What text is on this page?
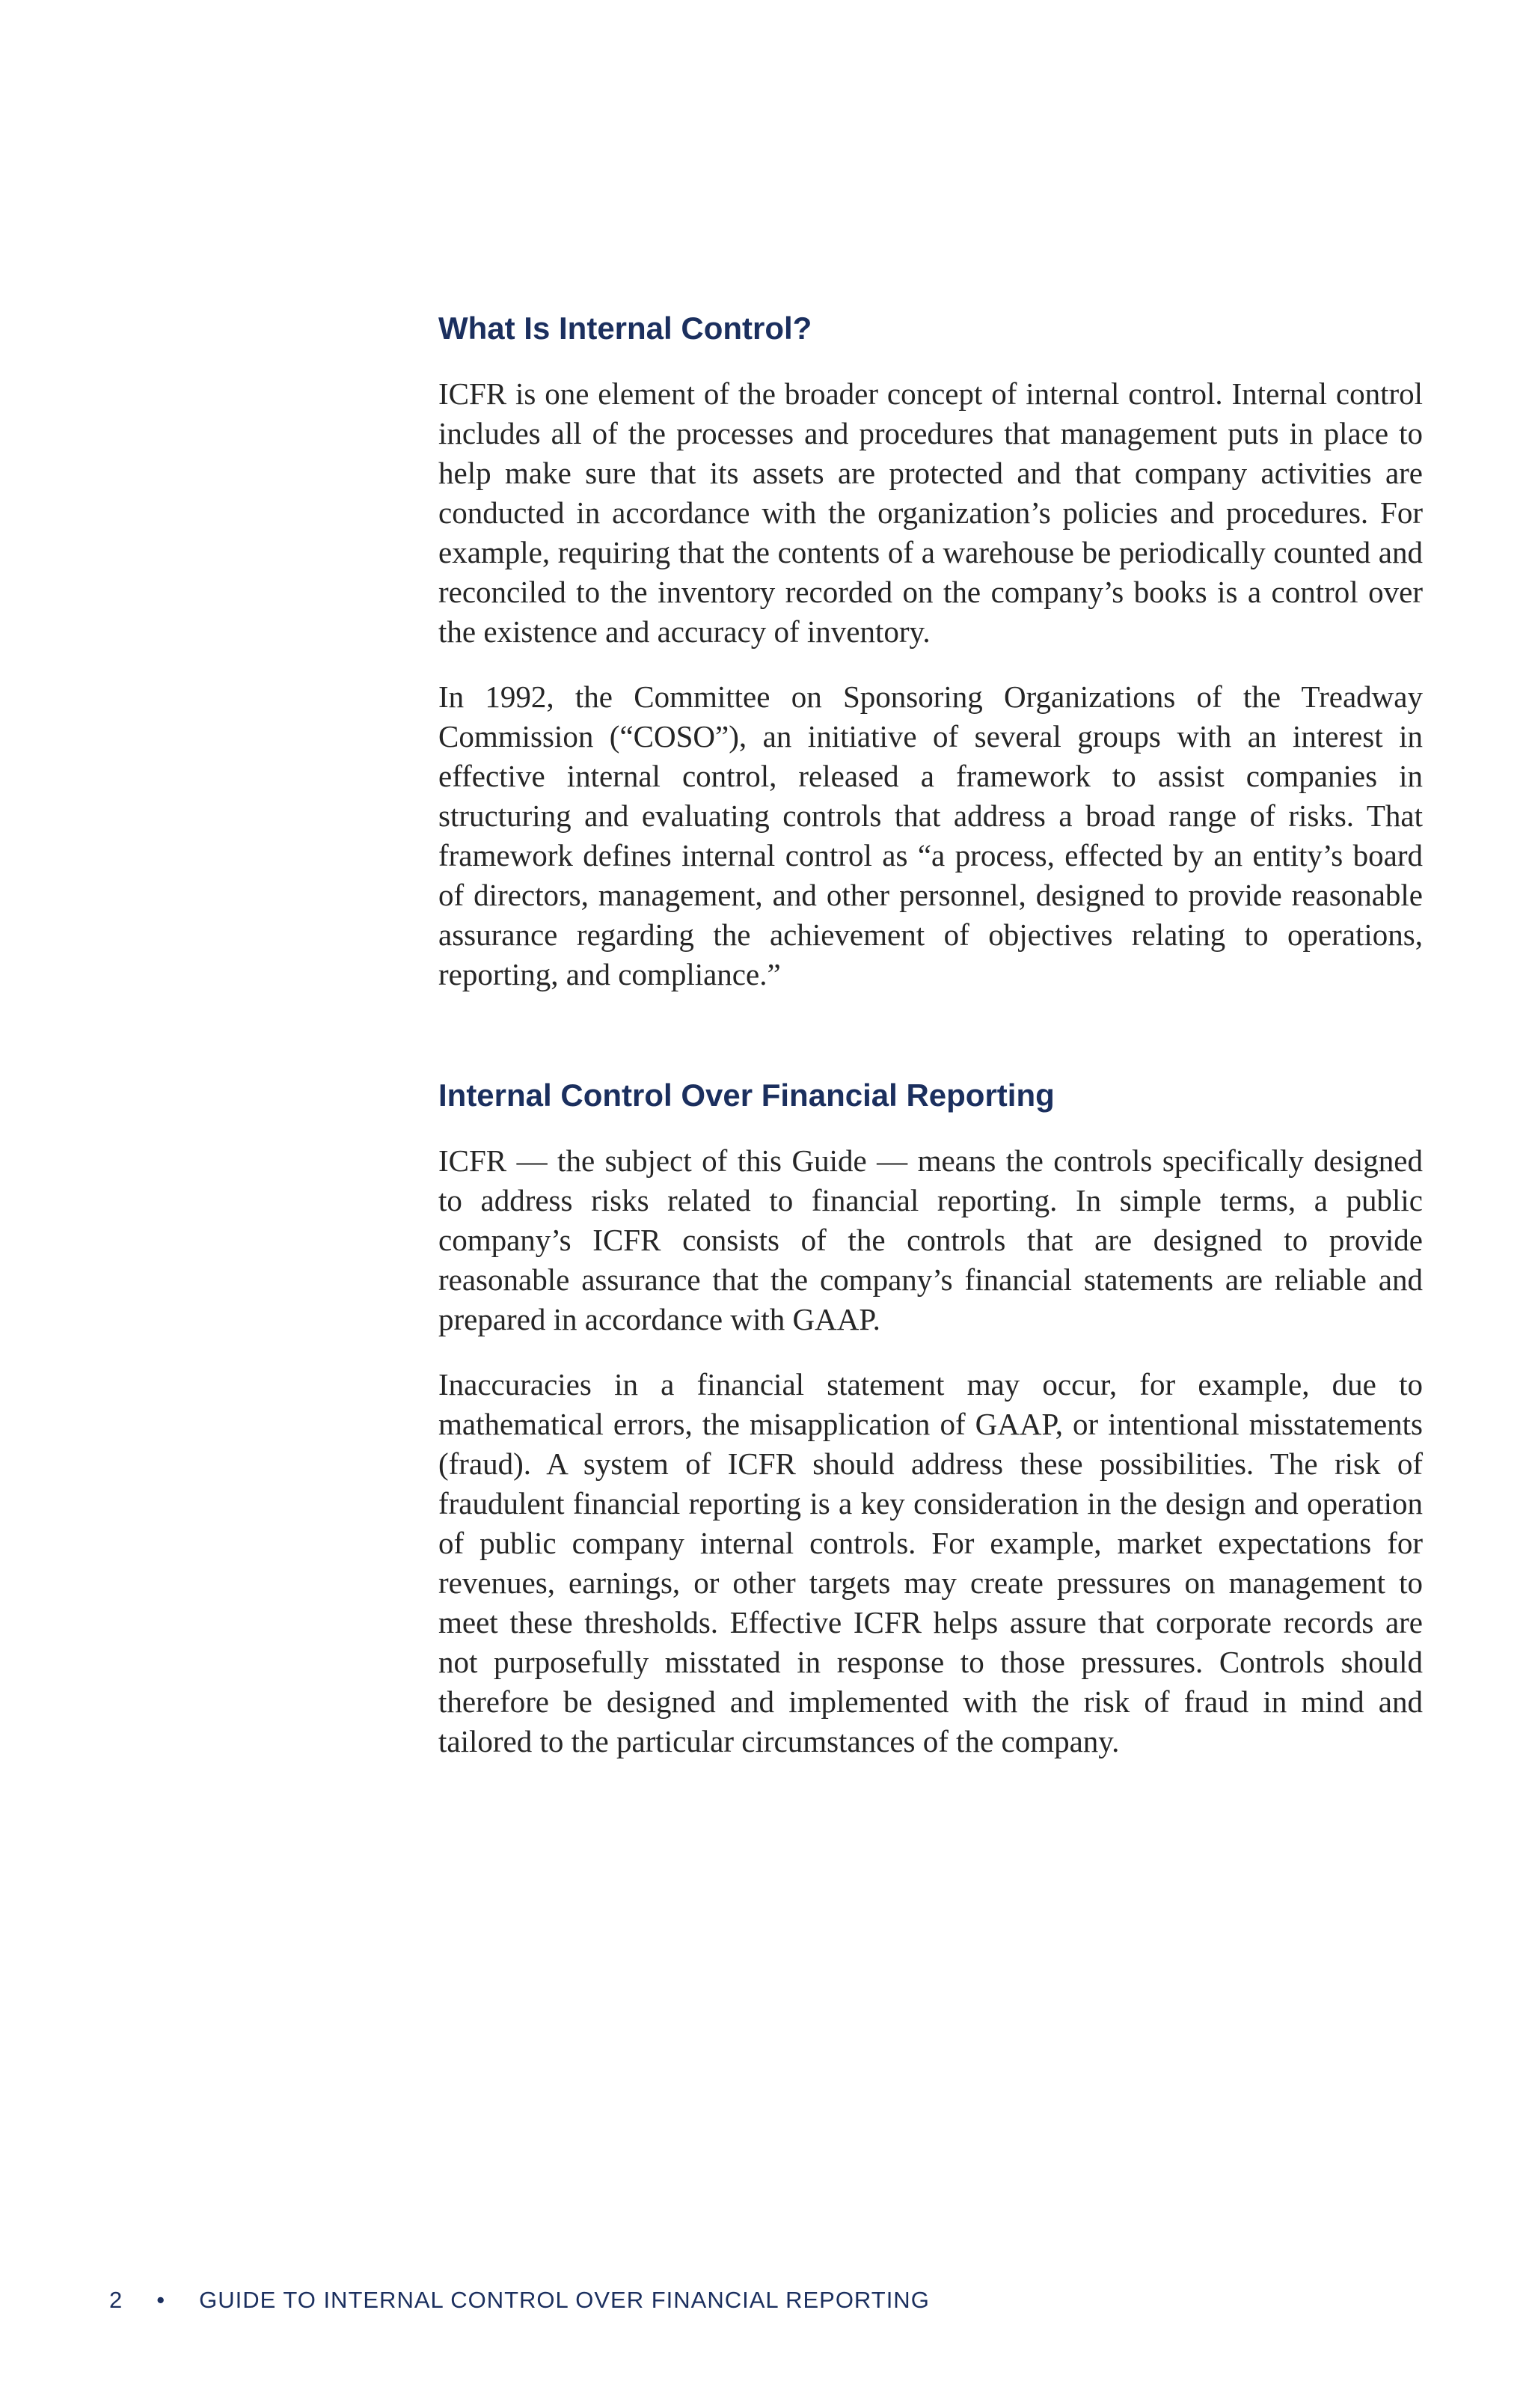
What Is Internal Control?

ICFR is one element of the broader concept of internal control. Internal control includes all of the processes and procedures that management puts in place to help make sure that its assets are protected and that company activities are conducted in accordance with the organization’s policies and procedures. For example, requiring that the contents of a warehouse be periodically counted and reconciled to the inventory recorded on the company’s books is a control over the existence and accuracy of inventory.

In 1992, the Committee on Sponsoring Organizations of the Treadway Commission (“COSO”), an initiative of several groups with an interest in effective internal control, released a framework to assist companies in structuring and evaluating controls that address a broad range of risks. That framework defines internal control as “a process, effected by an entity’s board of directors, management, and other personnel, designed to provide reasonable assurance regarding the achievement of objectives relating to operations, reporting, and compliance.”

Internal Control Over Financial Reporting

ICFR — the subject of this Guide — means the controls specifically designed to address risks related to financial reporting. In simple terms, a public company’s ICFR consists of the controls that are designed to provide reasonable assurance that the company’s financial statements are reliable and prepared in accordance with GAAP.

Inaccuracies in a financial statement may occur, for example, due to mathematical errors, the misapplication of GAAP, or intentional misstatements (fraud). A system of ICFR should address these possibilities. The risk of fraudulent financial reporting is a key consideration in the design and operation of public company internal controls. For example, market expectations for revenues, earnings, or other targets may create pressures on management to meet these thresholds. Effective ICFR helps assure that corporate records are not purposefully misstated in response to those pressures. Controls should therefore be designed and implemented with the risk of fraud in mind and tailored to the particular circumstances of the company.

2 • GUIDE TO INTERNAL CONTROL OVER FINANCIAL REPORTING
